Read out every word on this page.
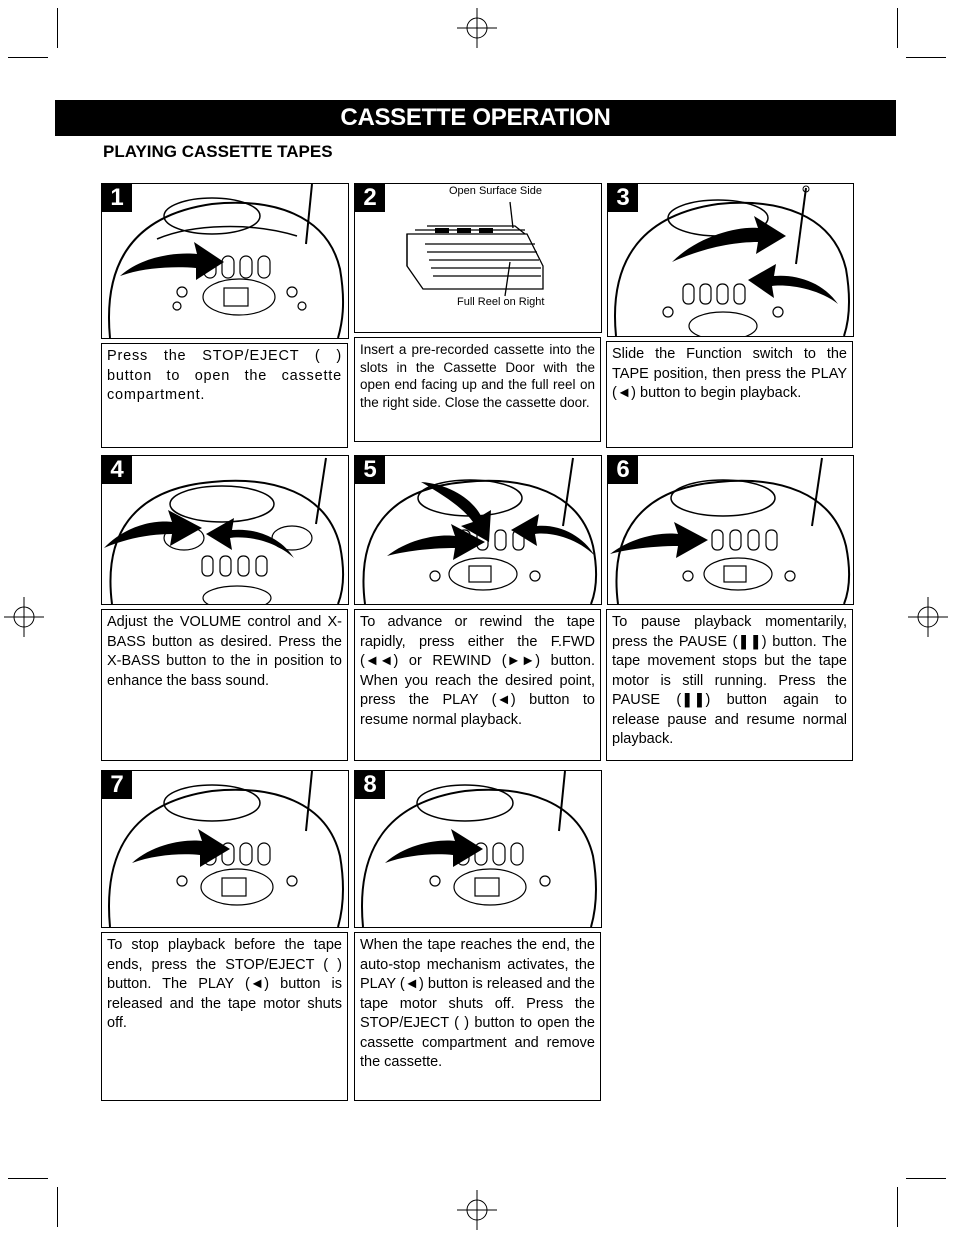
CASSETTE OPERATION
PLAYING CASSETTE TAPES
1	Open Surface Side
Full Reel on Right
2	3
Press the STOP/EJECT ( ) button to open the cassette compartment.
Insert a pre-recorded cassette into the slots in the Cassette Door with the open end facing up and the full reel on the right side. Close the cassette door.
Slide the Function switch to the TAPE position, then press the PLAY (◄) button to begin playback.
4	5	6
Adjust the VOLUME control and X-BASS button as desired. Press the X-BASS button to the in position to enhance the bass sound.
To advance or rewind the tape rapidly, press either the F.FWD (◄◄) or REWIND (►►) button. When you reach the desired point, press the PLAY (◄) button to resume normal playback.
To pause playback momentarily, press the PAUSE (❚❚) button. The tape movement stops but the tape motor is still running. Press the PAUSE (❚❚) button again to release pause and resume normal playback.
7	8
To stop playback before the tape ends, press the STOP/EJECT ( ) button. The PLAY (◄) button is released and the tape motor shuts off.
When the tape reaches the end, the auto-stop mechanism activates, the PLAY (◄) button is released and the tape motor shuts off. Press the STOP/EJECT ( ) button to open the cassette compartment and remove the cassette.
